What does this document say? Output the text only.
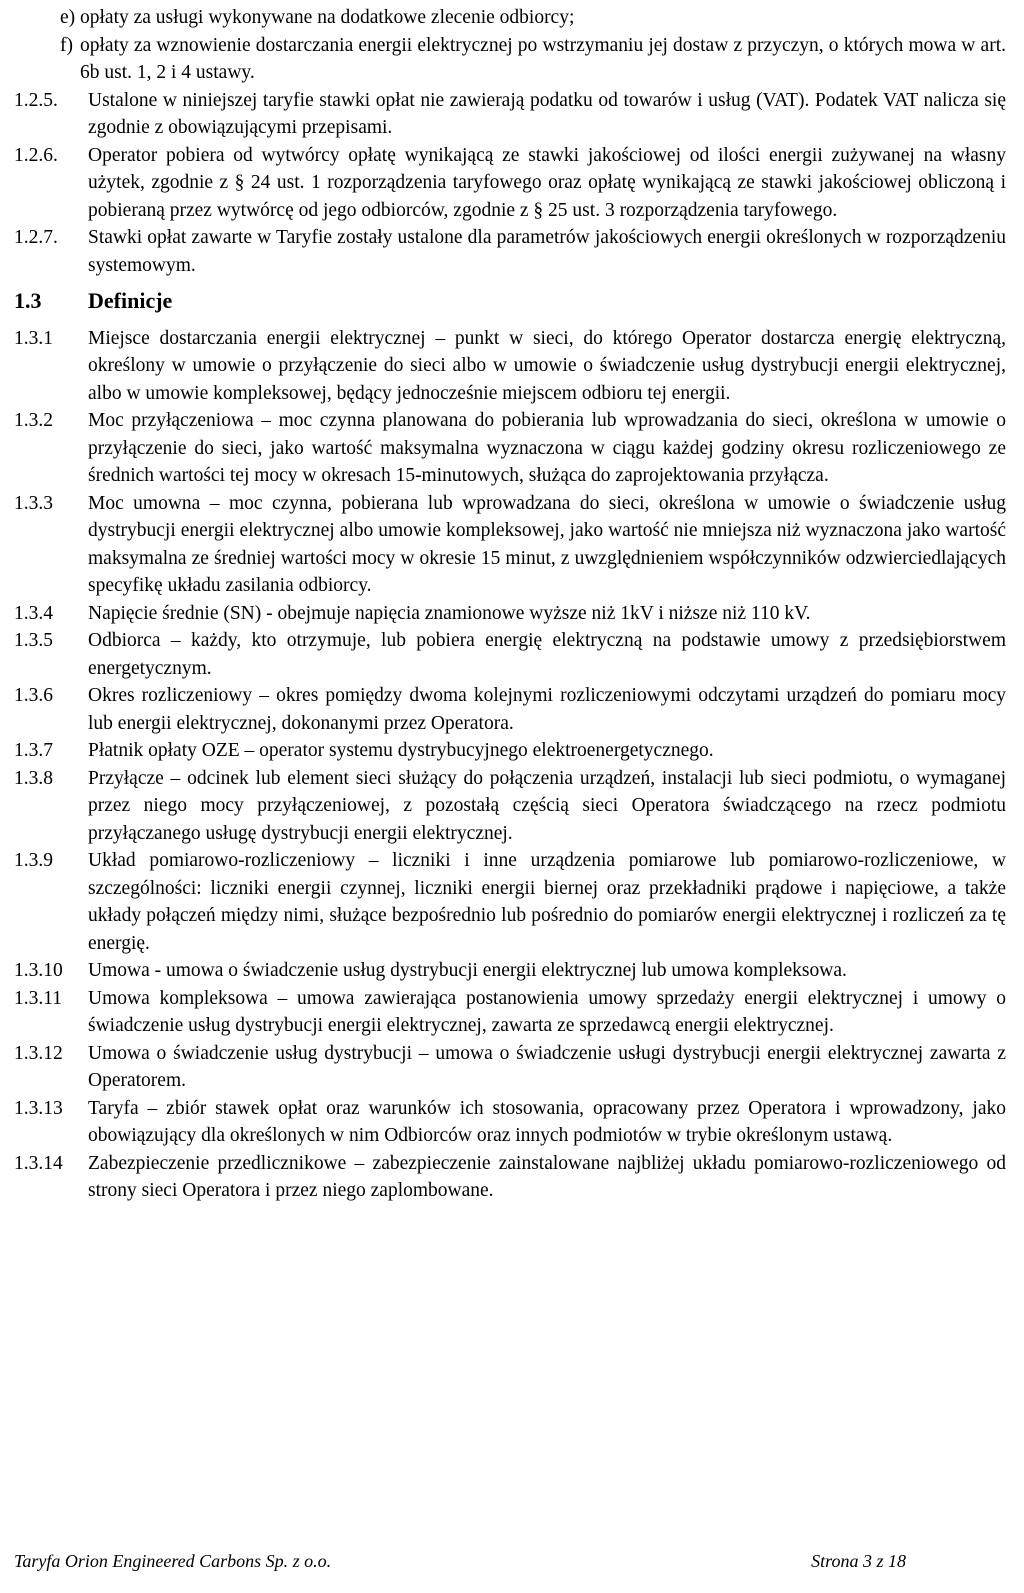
e) opłaty za usługi wykonywane na dodatkowe zlecenie odbiorcy;
f) opłaty za wznowienie dostarczania energii elektrycznej po wstrzymaniu jej dostaw z przyczyn, o których mowa w art. 6b ust. 1, 2 i 4 ustawy.
1.2.5.	Ustalone w niniejszej taryfie stawki opłat nie zawierają podatku od towarów i usług (VAT). Podatek VAT nalicza się zgodnie z obowiązującymi przepisami.
1.2.6.	Operator pobiera od wytwórcy opłatę wynikającą ze stawki jakościowej od ilości energii zużywanej na własny użytek, zgodnie z § 24 ust. 1 rozporządzenia taryfowego oraz opłatę wynikającą ze stawki jakościowej obliczoną i pobieraną przez wytwórcę od jego odbiorców, zgodnie z § 25 ust. 3 rozporządzenia taryfowego.
1.2.7.	Stawki opłat zawarte w Taryfie zostały ustalone dla parametrów jakościowych energii określonych w rozporządzeniu systemowym.
1.3	Definicje
1.3.1	Miejsce dostarczania energii elektrycznej – punkt w sieci, do którego Operator dostarcza energię elektryczną, określony w umowie o przyłączenie do sieci albo w umowie o świadczenie usług dystrybucji energii elektrycznej, albo w umowie kompleksowej, będący jednocześnie miejscem odbioru tej energii.
1.3.2	Moc przyłączeniowa – moc czynna planowana do pobierania lub wprowadzania do sieci, określona w umowie o przyłączenie do sieci, jako wartość maksymalna wyznaczona w ciągu każdej godziny okresu rozliczeniowego ze średnich wartości tej mocy w okresach 15-minutowych, służąca do zaprojektowania przyłącza.
1.3.3	Moc umowna – moc czynna, pobierana lub wprowadzana do sieci, określona w umowie o świadczenie usług dystrybucji energii elektrycznej albo umowie kompleksowej, jako wartość nie mniejsza niż wyznaczona jako wartość maksymalna ze średniej wartości mocy w okresie 15 minut, z uwzględnieniem współczynników odzwierciedlających specyfikę układu zasilania odbiorcy.
1.3.4	Napięcie średnie (SN) - obejmuje napięcia znamionowe wyższe niż 1kV i niższe niż 110 kV.
1.3.5	Odbiorca – każdy, kto otrzymuje, lub pobiera energię elektryczną na podstawie umowy z przedsiębiorstwem energetycznym.
1.3.6	Okres rozliczeniowy – okres pomiędzy dwoma kolejnymi rozliczeniowymi odczytami urządzeń do pomiaru mocy lub energii elektrycznej, dokonanymi przez Operatora.
1.3.7	Płatnik opłaty OZE – operator systemu dystrybucyjnego elektroenergetycznego.
1.3.8	Przyłącze – odcinek lub element sieci służący do połączenia urządzeń, instalacji lub sieci podmiotu, o wymaganej przez niego mocy przyłączeniowej, z pozostałą częścią sieci Operatora świadczącego na rzecz podmiotu przyłączanego usługę dystrybucji energii elektrycznej.
1.3.9	Układ pomiarowo-rozliczeniowy – liczniki i inne urządzenia pomiarowe lub pomiarowo-rozliczeniowe, w szczególności: liczniki energii czynnej, liczniki energii biernej oraz przekładniki prądowe i napięciowe, a także układy połączeń między nimi, służące bezpośrednio lub pośrednio do pomiarów energii elektrycznej i rozliczeń za tę energię.
1.3.10	Umowa - umowa o świadczenie usług dystrybucji energii elektrycznej lub umowa kompleksowa.
1.3.11	Umowa kompleksowa – umowa zawierająca postanowienia umowy sprzedaży energii elektrycznej i umowy o świadczenie usług dystrybucji energii elektrycznej, zawarta ze sprzedawcą energii elektrycznej.
1.3.12	Umowa o świadczenie usług dystrybucji – umowa o świadczenie usługi dystrybucji energii elektrycznej zawarta z Operatorem.
1.3.13	Taryfa – zbiór stawek opłat oraz warunków ich stosowania, opracowany przez Operatora i wprowadzony, jako obowiązujący dla określonych w nim Odbiorców oraz innych podmiotów w trybie określonym ustawą.
1.3.14	Zabezpieczenie przedlicznikowe – zabezpieczenie zainstalowane najbliżej układu pomiarowo-rozliczeniowego od strony sieci Operatora i przez niego zaplombowane.
Taryfa Orion Engineered Carbons Sp. z o.o.	Strona 3 z 18
